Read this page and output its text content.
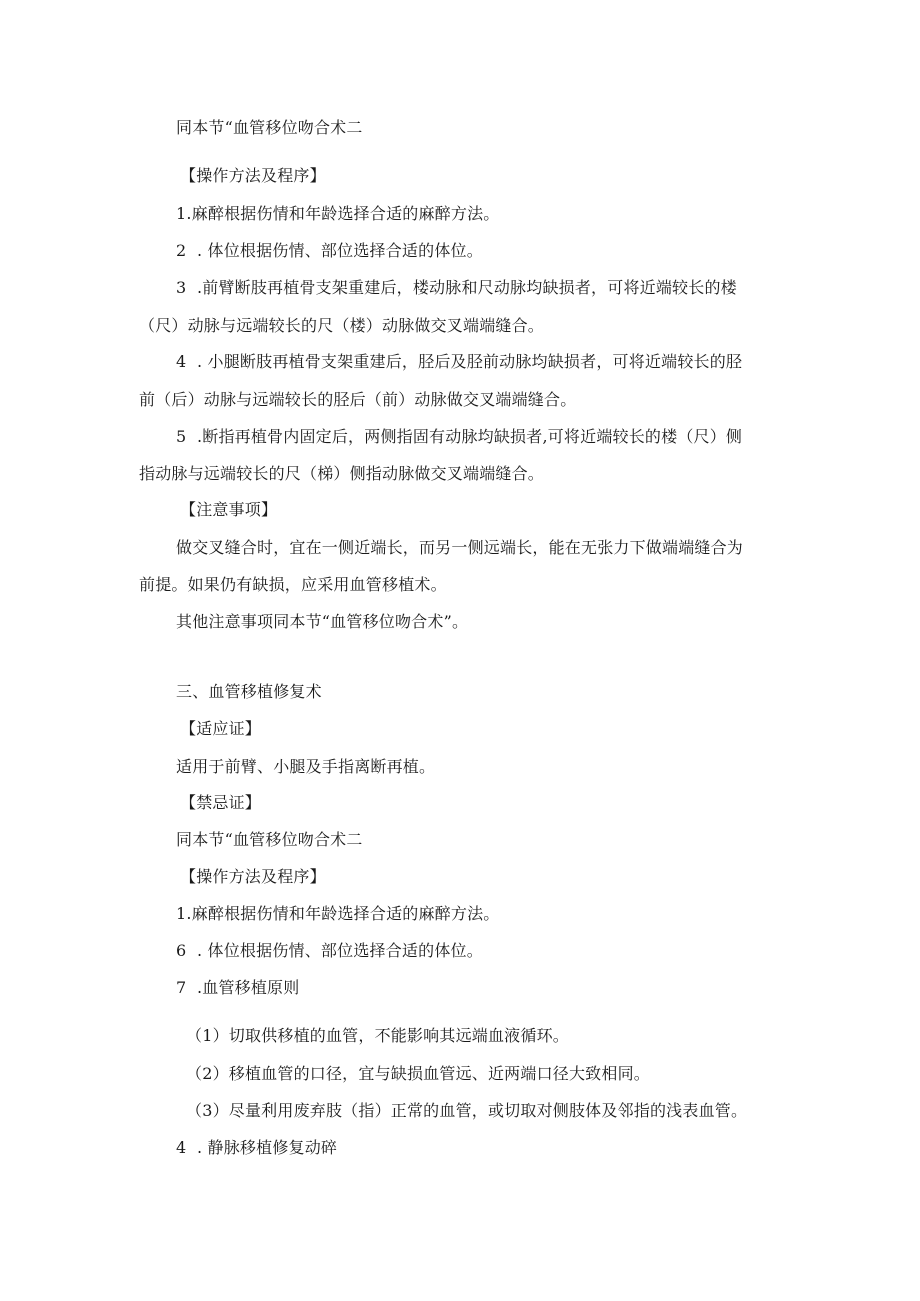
同本节“血管移位吻合术二
【操作方法及程序】
1.麻醉根据伤情和年龄选择合适的麻醉方法。
2  . 体位根据伤情、部位选择合适的体位。
3  .前臂断肢再植骨支架重建后，楼动脉和尺动脉均缺损者，可将近端较长的楼
（尺）动脉与远端较长的尺（楼）动脉做交叉端端缝合。
4  . 小腿断肢再植骨支架重建后，胫后及胫前动脉均缺损者，可将近端较长的胫
前（后）动脉与远端较长的胫后（前）动脉做交叉端端缝合。
5  .断指再植骨内固定后，两侧指固有动脉均缺损者,可将近端较长的楼（尺）侧
指动脉与远端较长的尺（梯）侧指动脉做交叉端端缝合。
【注意事项】
做交叉缝合时，宜在一侧近端长，而另一侧远端长，能在无张力下做端端缝合为
前提。如果仍有缺损，应采用血管移植术。
其他注意事项同本节“血管移位吻合术”。
三、血管移植修复术
【适应证】
适用于前臂、小腿及手指离断再植。
【禁忌证】
同本节“血管移位吻合术二
【操作方法及程序】
1.麻醉根据伤情和年龄选择合适的麻醉方法。
6  . 体位根据伤情、部位选择合适的体位。
7  .血管移植原则
（1）切取供移植的血管，不能影响其远端血液循环。
（2）移植血管的口径，宜与缺损血管远、近两端口径大致相同。
（3）尽量利用废弃肢（指）正常的血管，或切取对侧肢体及邻指的浅表血管。
4  . 静脉移植修复动碎
